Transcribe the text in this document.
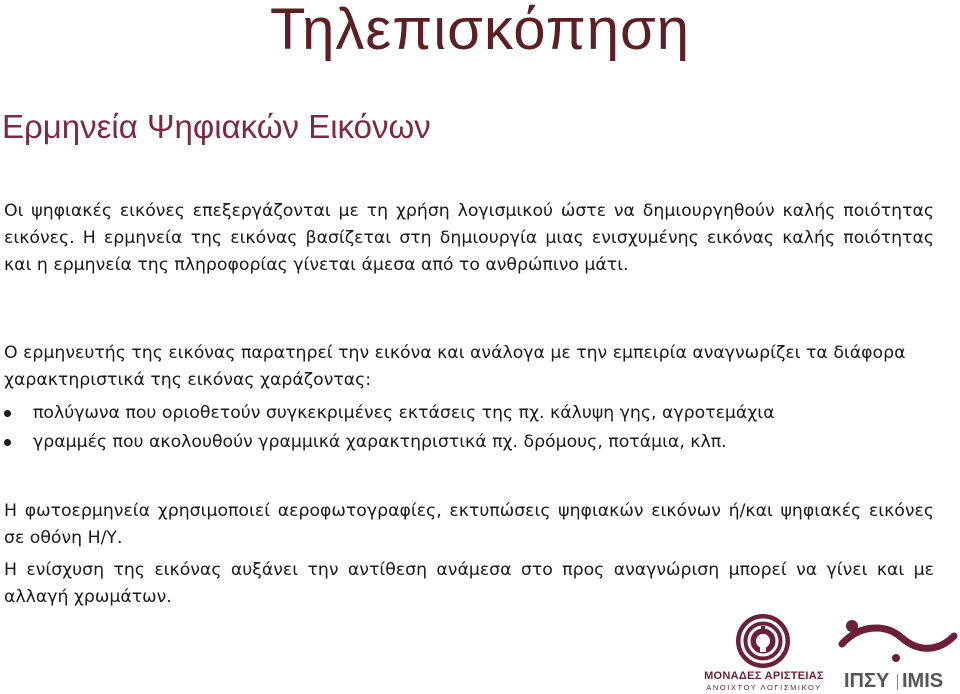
Τηλεπισκόπηση
Ερμηνεία Ψηφιακών Εικόνων
Οι ψηφιακές εικόνες επεξεργάζονται με τη χρήση λογισμικού ώστε να δημιουργηθούν καλής ποιότητας εικόνες. Η ερμηνεία της εικόνας βασίζεται στη δημιουργία μιας ενισχυμένης εικόνας καλής ποιότητας και η ερμηνεία της πληροφορίας γίνεται άμεσα από το ανθρώπινο μάτι.
Ο ερμηνευτής της εικόνας παρατηρεί την εικόνα και ανάλογα με την εμπειρία αναγνωρίζει τα διάφορα χαρακτηριστικά της εικόνας χαράζοντας:
πολύγωνα που οριοθετούν συγκεκριμένες εκτάσεις της πχ. κάλυψη γης, αγροτεμάχια
γραμμές που ακολουθούν γραμμικά χαρακτηριστικά πχ. δρόμους, ποτάμια, κλπ.
Η φωτοερμηνεία χρησιμοποιεί αεροφωτογραφίες, εκτυπώσεις ψηφιακών εικόνων ή/και ψηφιακές εικόνες σε οθόνη Η/Υ.
Η ενίσχυση της εικόνας αυξάνει την αντίθεση ανάμεσα στο προς αναγνώριση μπορεί να γίνει και με αλλαγή χρωμάτων.
ΜΟΝΑΔΕΣ ΑΡΙΣΤΕΙΑΣ
ΑΝΟΙΧΤΟΥ ΛΟΓΙΣΜΙΚΟΥ	ΙΠΣΥ IMIS
